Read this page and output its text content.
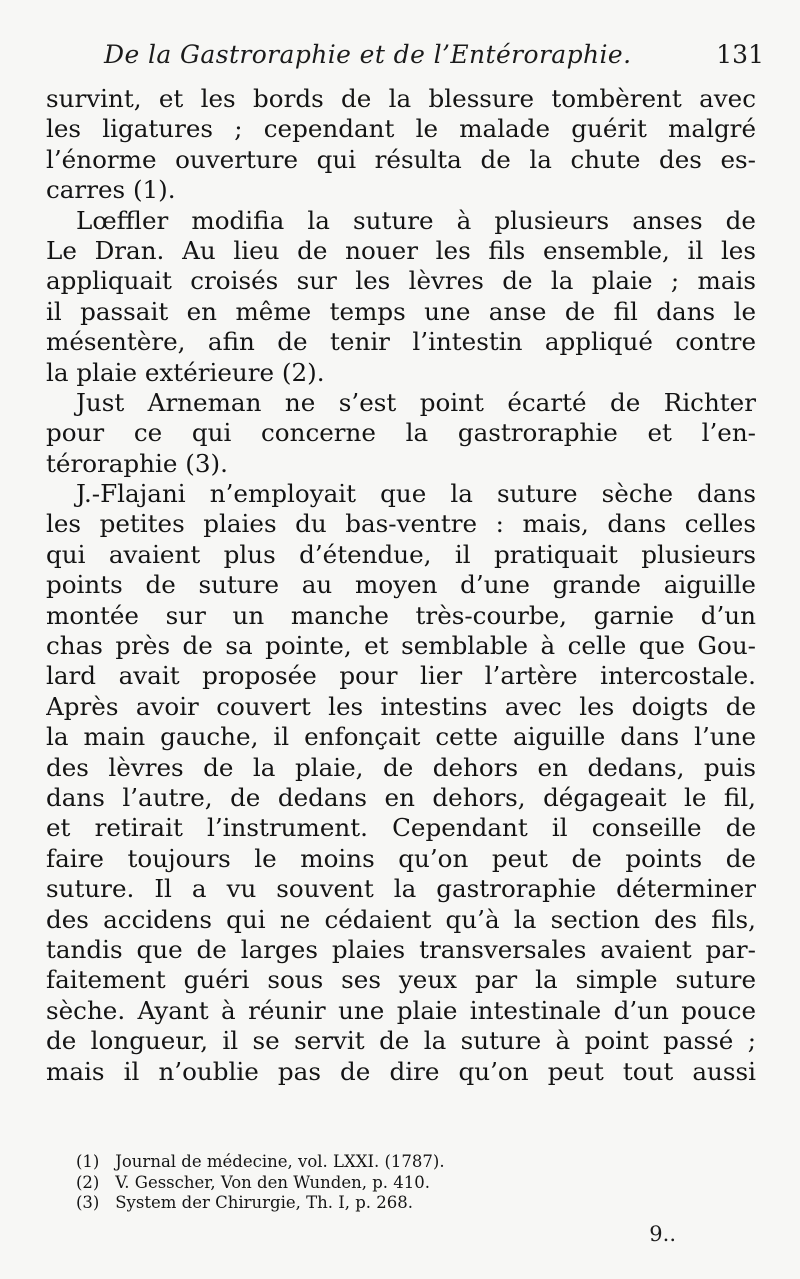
De la Gastroraphie et de l’Entéroraphie.	131
survint, et les bords de la blessure tombèrent avec
les ligatures ; cependant le malade guérit malgré
l’énorme ouverture qui résulta de la chute des es-
carres (1).
Lœffler modifia la suture à plusieurs anses de
Le Dran. Au lieu de nouer les fils ensemble, il les
appliquait croisés sur les lèvres de la plaie ; mais
il passait en même temps une anse de fil dans le
mésentère, afin de tenir l’intestin appliqué contre
la plaie extérieure (2).
Just Arneman ne s’est point écarté de Richter
pour ce qui concerne la gastroraphie et l’en-
téroraphie (3).
J.-Flajani n’employait que la suture sèche dans
les petites plaies du bas-ventre : mais, dans celles
qui avaient plus d’étendue, il pratiquait plusieurs
points de suture au moyen d’une grande aiguille
montée sur un manche très-courbe, garnie d’un
chas près de sa pointe, et semblable à celle que Gou-
lard avait proposée pour lier l’artère intercostale.
Après avoir couvert les intestins avec les doigts de
la main gauche, il enfonçait cette aiguille dans l’une
des lèvres de la plaie, de dehors en dedans, puis
dans l’autre, de dedans en dehors, dégageait le fil,
et retirait l’instrument. Cependant il conseille de
faire toujours le moins qu’on peut de points de
suture. Il a vu souvent la gastroraphie déterminer
des accidens qui ne cédaient qu’à la section des fils,
tandis que de larges plaies transversales avaient par-
faitement guéri sous ses yeux par la simple suture
sèche. Ayant à réunir une plaie intestinale d’un pouce
de longueur, il se servit de la suture à point passé ;
mais il n’oublie pas de dire qu’on peut tout aussi
(1) Journal de médecine, vol. LXXI. (1787).
(2) V. Gesscher, Von den Wunden, p. 410.
(3) System der Chirurgie, Th. I, p. 268.
9..
